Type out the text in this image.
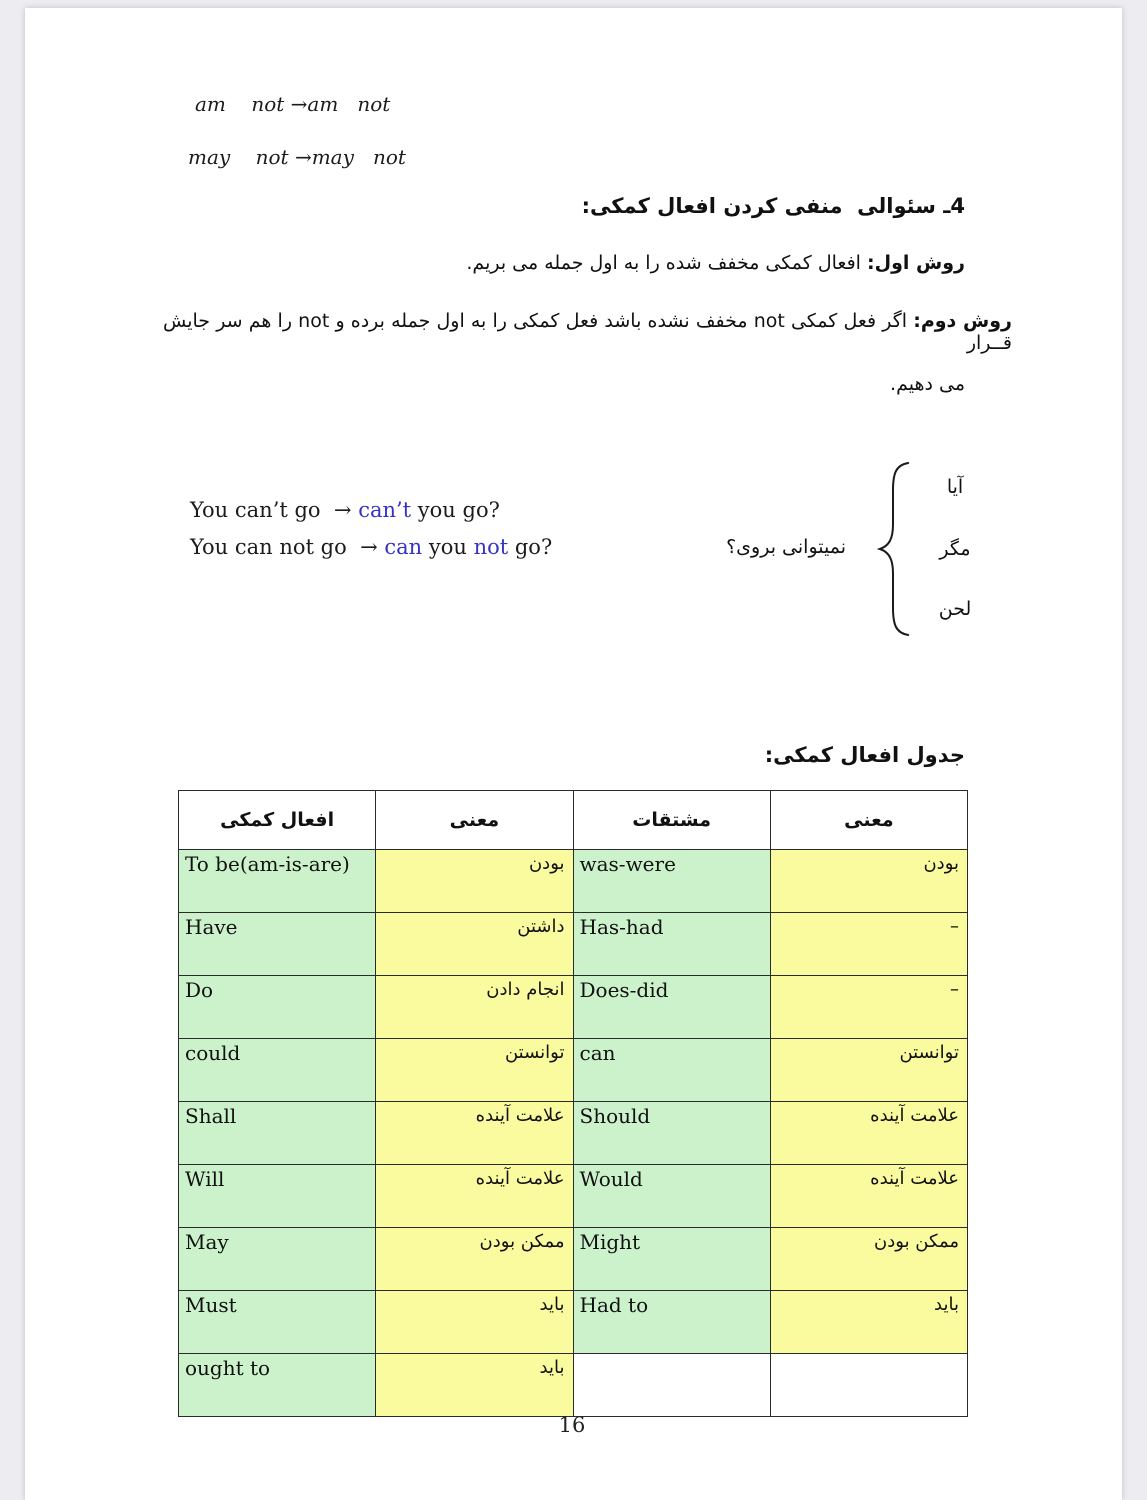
am    not →am   not
may    not →may   not
4ـ سئوالی  منفی کردن افعال کمکی:
روش اول: افعال کمکی مخفف شده را به اول جمله می بریم.
روش دوم: اگر فعل کمکی not مخفف نشده باشد فعل کمکی را به اول جمله برده و not را هم سر جایش قــرار
می دهیم.
You can’t go  → can’t you go?
You can not go  → can you not go?
آیا
مگر
لحن
نمیتوانی بروی؟
جدول افعال کمکی:
افعال کمکی	معنی	مشتقات	معنی
To be(am-is-are)	بودن	was-were	بودن
Have	داشتن	Has-had	–
Do	انجام دادن	Does-did	–
could	توانستن	can	توانستن
Shall	علامت آینده	Should	علامت آینده
Will	علامت آینده	Would	علامت آینده
May	ممکن بودن	Might	ممکن بودن
Must	باید	Had to	باید
ought to	باید		
16
